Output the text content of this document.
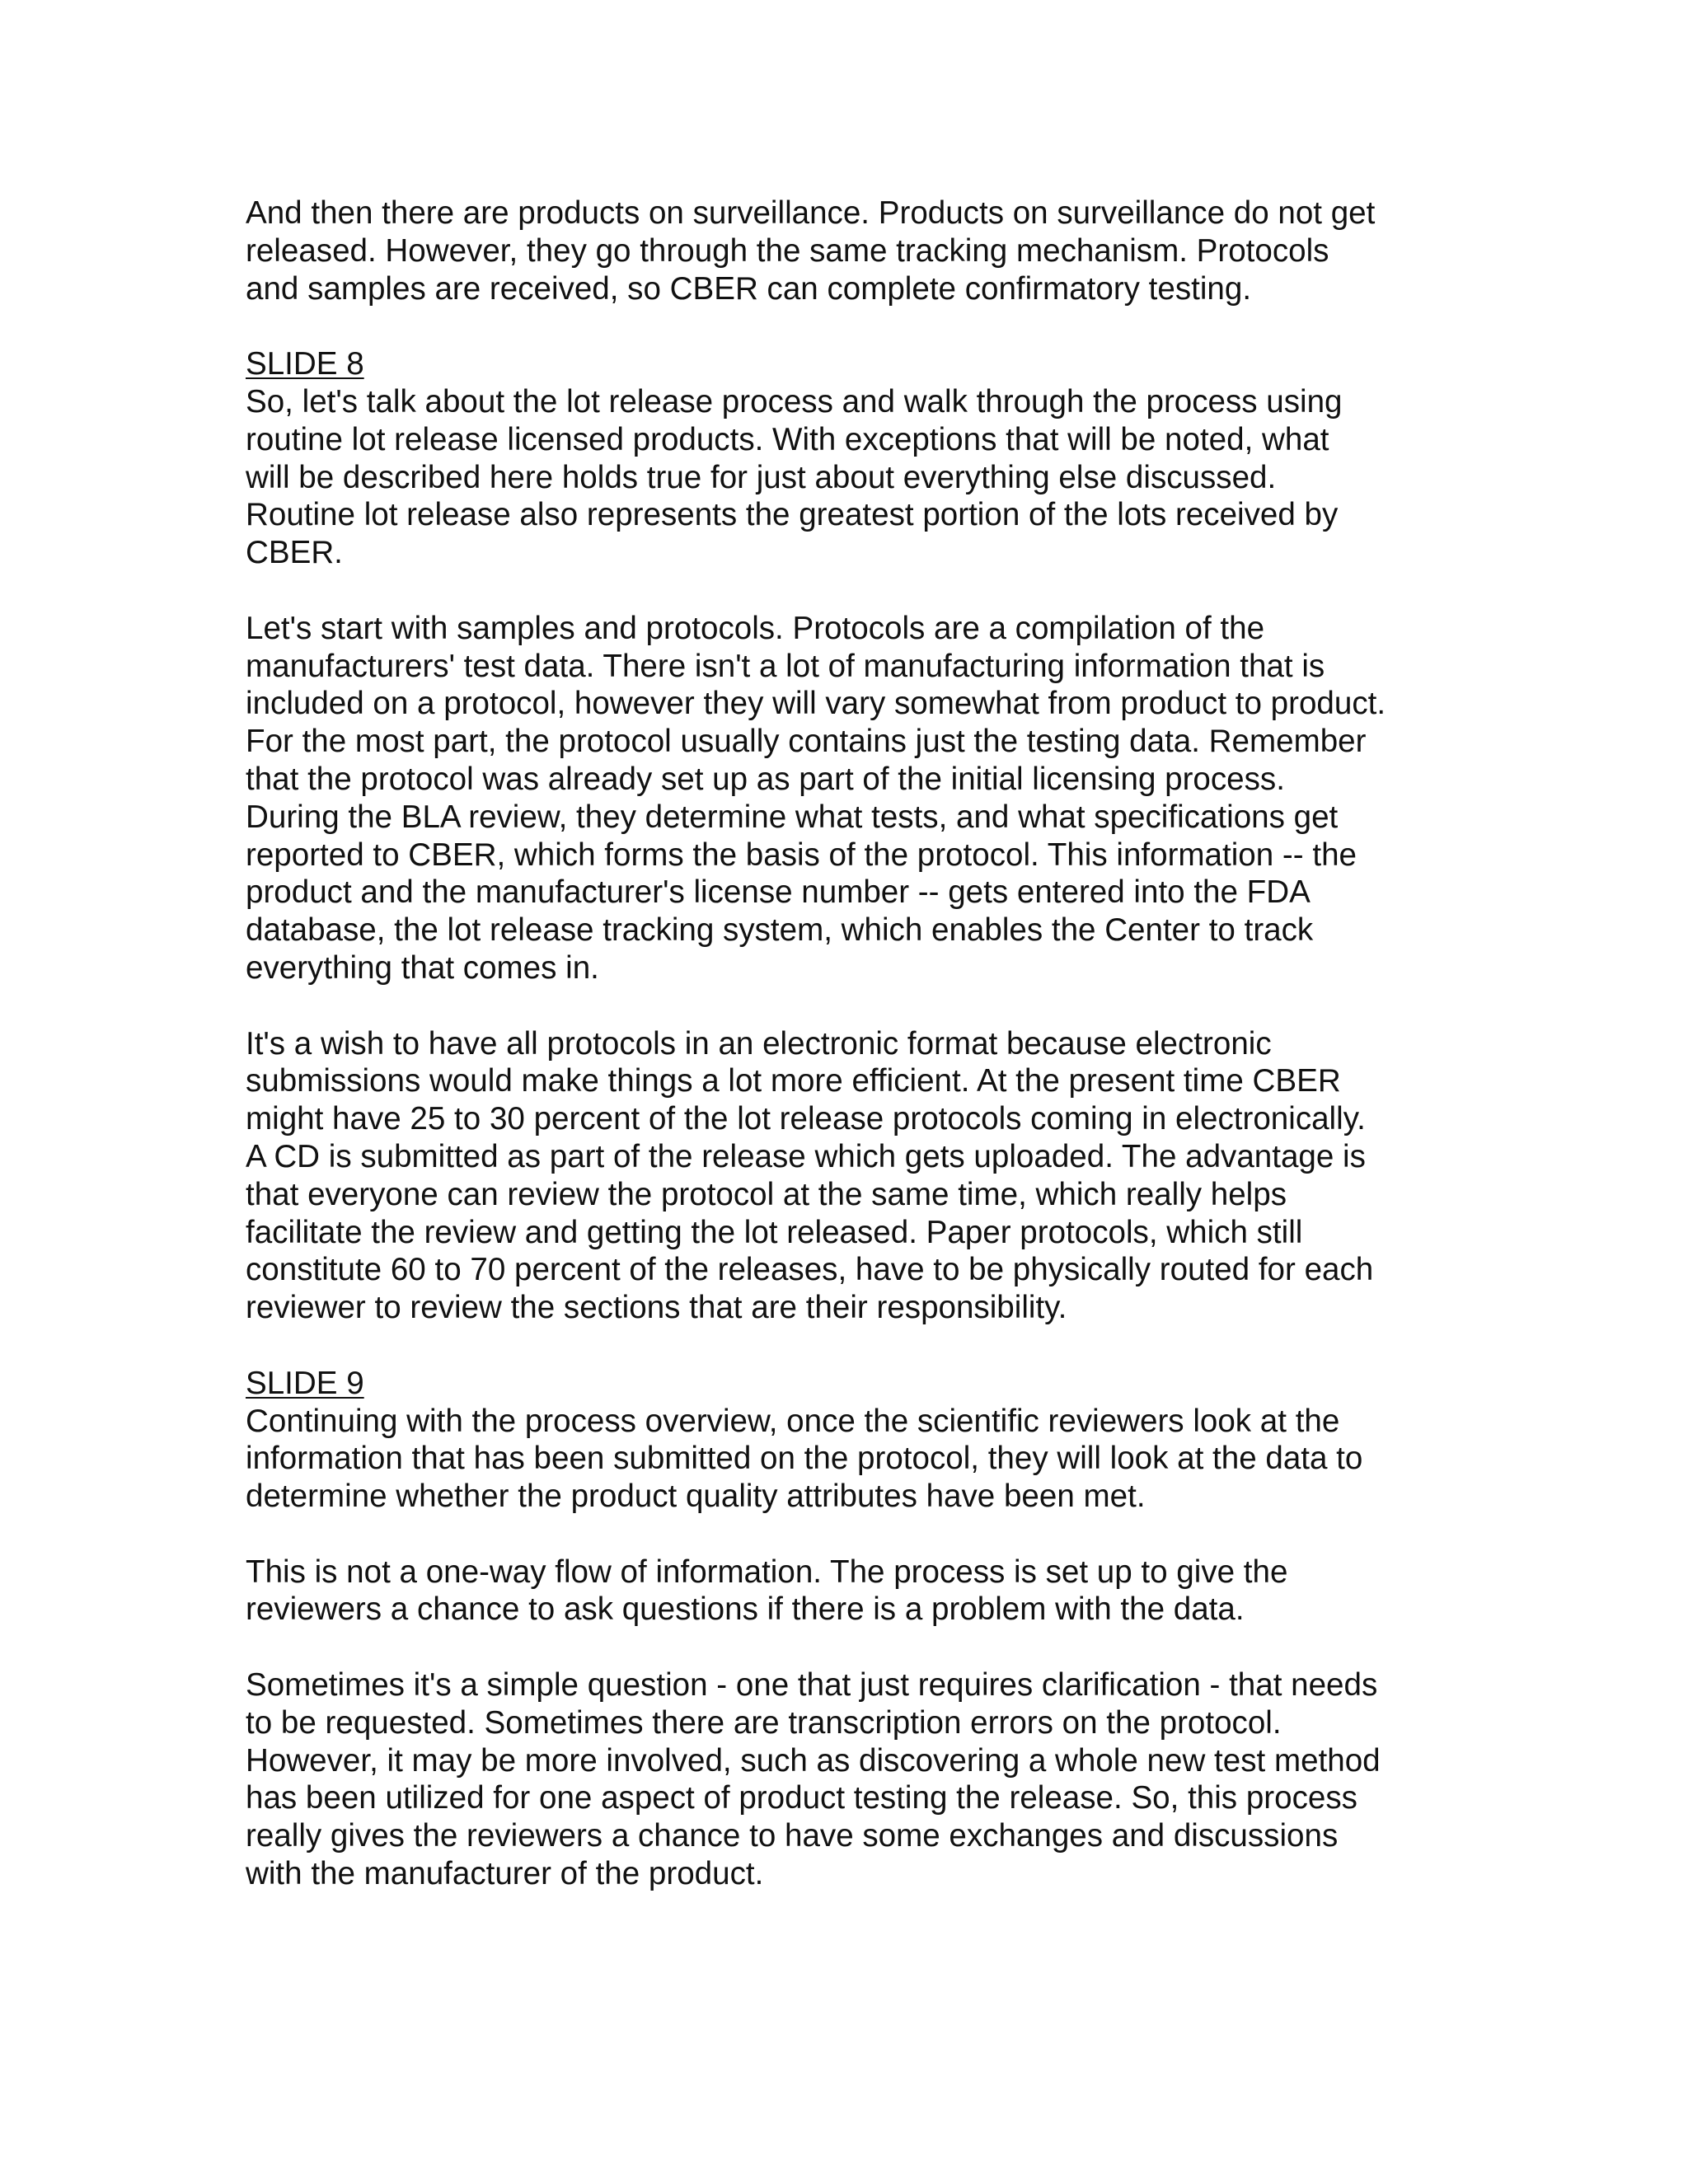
And then there are products on surveillance. Products on surveillance do not get
released. However, they go through the same tracking mechanism. Protocols
and samples are received, so CBER can complete confirmatory testing.

SLIDE 8

So, let's talk about the lot release process and walk through the process using
routine lot release licensed products. With exceptions that will be noted, what
will be described here holds true for just about everything else discussed.
Routine lot release also represents the greatest portion of the lots received by
CBER.

Let's start with samples and protocols. Protocols are a compilation of the
manufacturers' test data. There isn't a lot of manufacturing information that is
included on a protocol, however they will vary somewhat from product to product.
For the most part, the protocol usually contains just the testing data. Remember
that the protocol was already set up as part of the initial licensing process.
During the BLA review, they determine what tests, and what specifications get
reported to CBER, which forms the basis of the protocol. This information -- the
product and the manufacturer's license number -- gets entered into the FDA
database, the lot release tracking system, which enables the Center to track
everything that comes in.

It's a wish to have all protocols in an electronic format because electronic
submissions would make things a lot more efficient. At the present time CBER
might have 25 to 30 percent of the lot release protocols coming in electronically.
A CD is submitted as part of the release which gets uploaded. The advantage is
that everyone can review the protocol at the same time, which really helps
facilitate the review and getting the lot released. Paper protocols, which still
constitute 60 to 70 percent of the releases, have to be physically routed for each
reviewer to review the sections that are their responsibility.

SLIDE 9

Continuing with the process overview, once the scientific reviewers look at the
information that has been submitted on the protocol, they will look at the data to
determine whether the product quality attributes have been met.

This is not a one-way flow of information. The process is set up to give the
reviewers a chance to ask questions if there is a problem with the data.

Sometimes it's a simple question - one that just requires clarification - that needs
to be requested. Sometimes there are transcription errors on the protocol.
However, it may be more involved, such as discovering a whole new test method
has been utilized for one aspect of product testing the release. So, this process
really gives the reviewers a chance to have some exchanges and discussions
with the manufacturer of the product.
